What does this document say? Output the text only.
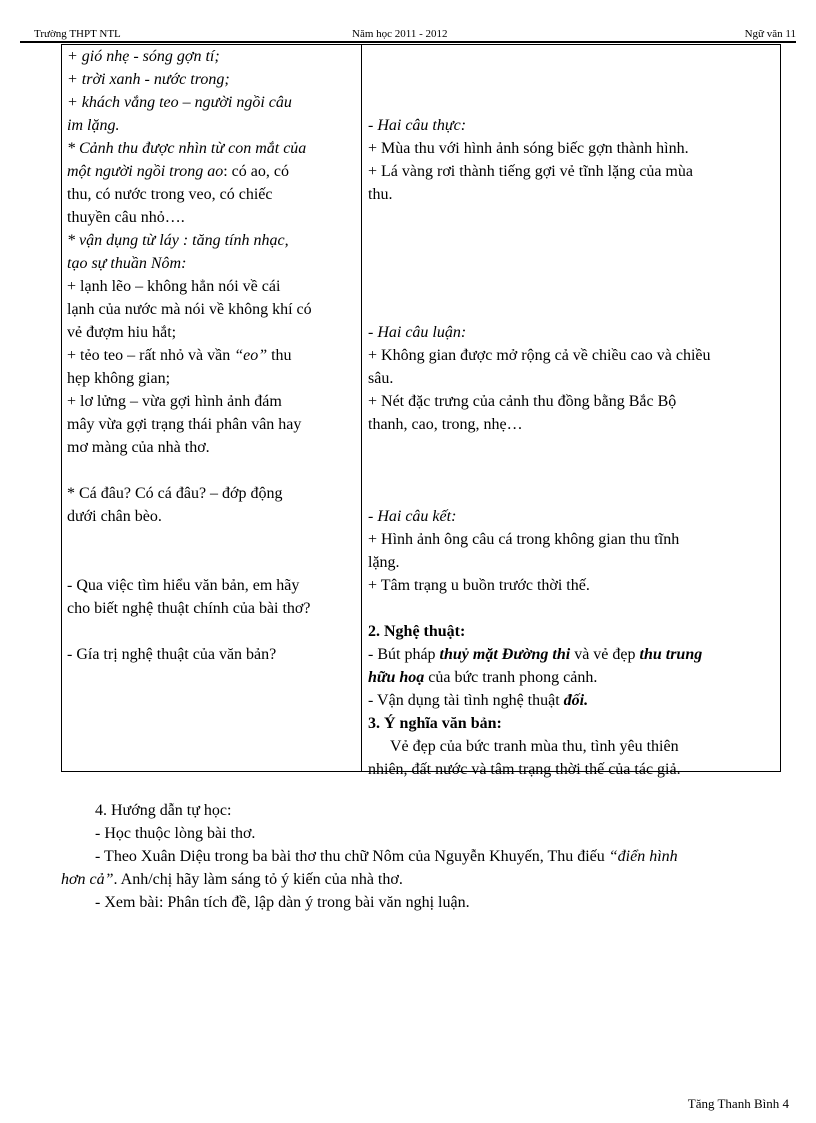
Trường THPT NTL	Năm học 2011 - 2012	Ngữ văn 11

+ gió nhẹ - sóng gợn tí;

+ trời xanh - nước trong;

+ khách vắng teo – người ngồi câu

im lặng.

* Cảnh thu được nhìn từ con mắt của

một người ngồi trong ao: có ao, có

thu, có nước trong veo, có chiếc

thuyền câu nhỏ….

* vận dụng từ láy : tăng tính nhạc,

tạo sự thuần Nôm:

+ lạnh lẽo – không hẳn nói về cái

lạnh của nước mà nói về không khí có

vẻ đượm hiu hắt;

+ tẻo teo – rất nhỏ và vần “eo” thu

hẹp không gian;

+ lơ lửng – vừa gợi hình ảnh đám

mây vừa gợi trạng thái phân vân hay

mơ màng của nhà thơ.

* Cá đâu? Có cá đâu? – đớp động

dưới chân bèo.

- Qua việc tìm hiểu văn bản, em hãy

cho biết nghệ thuật chính của bài thơ?

- Gía trị nghệ thuật của văn bản?

- Hai câu thực:

+ Mùa thu với hình ảnh sóng biếc gợn thành hình.

+ Lá vàng rơi thành tiếng gợi vẻ tĩnh lặng của mùa

thu.

- Hai câu luận:

+ Không gian được mở rộng cả về chiều cao và chiều

sâu.

+ Nét đặc trưng của cảnh thu đồng bằng Bắc Bộ

thanh, cao, trong, nhẹ…

- Hai câu kết:

+ Hình ảnh ông câu cá trong không gian thu tĩnh

lặng.

+ Tâm trạng u buồn trước thời thế.

2. Nghệ thuật:

- Bút pháp thuỷ mặt Đường thi và vẻ đẹp thu trung

hữu hoạ của bức tranh phong cảnh.

- Vận dụng tài tình nghệ thuật đối.

3. Ý nghĩa văn bản:

Vẻ đẹp của bức tranh mùa thu, tình yêu thiên

nhiên, đất nước và tâm trạng thời thế của tác giả.

4. Hướng dẫn tự học:

- Học thuộc lòng bài thơ.

- Theo Xuân Diệu trong ba bài thơ thu chữ Nôm của Nguyễn Khuyến, Thu điếu “điển hình

hơn cả”. Anh/chị hãy làm sáng tỏ ý kiến của nhà thơ.

- Xem bài: Phân tích đề, lập dàn ý trong bài văn nghị luận.

Tăng Thanh Bình 4
